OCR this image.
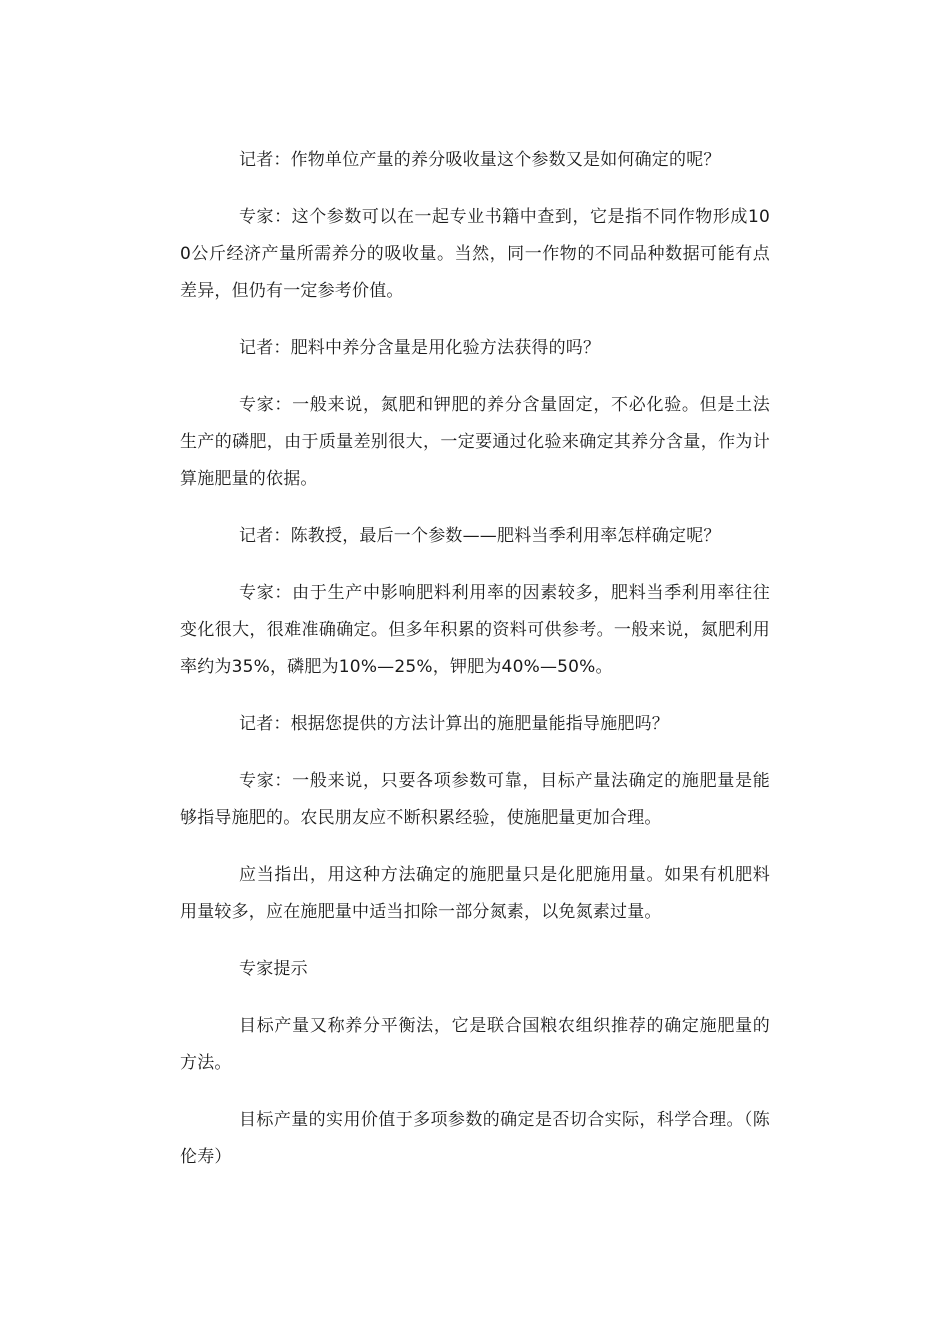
记者：作物单位产量的养分吸收量这个参数又是如何确定的呢？

专家：这个参数可以在一起专业书籍中查到，它是指不同作物形成100公斤经济产量所需养分的吸收量。当然，同一作物的不同品种数据可能有点差异，但仍有一定参考价值。

记者：肥料中养分含量是用化验方法获得的吗？

专家：一般来说，氮肥和钾肥的养分含量固定，不必化验。但是土法生产的磷肥，由于质量差别很大，一定要通过化验来确定其养分含量，作为计算施肥量的依据。

记者：陈教授，最后一个参数——肥料当季利用率怎样确定呢？

专家：由于生产中影响肥料利用率的因素较多，肥料当季利用率往往变化很大，很难准确确定。但多年积累的资料可供参考。一般来说，氮肥利用率约为35%，磷肥为10%—25%，钾肥为40%—50%。

记者：根据您提供的方法计算出的施肥量能指导施肥吗？

专家：一般来说，只要各项参数可靠，目标产量法确定的施肥量是能够指导施肥的。农民朋友应不断积累经验，使施肥量更加合理。

应当指出，用这种方法确定的施肥量只是化肥施用量。如果有机肥料用量较多，应在施肥量中适当扣除一部分氮素，以免氮素过量。

专家提示

目标产量又称养分平衡法，它是联合国粮农组织推荐的确定施肥量的方法。

目标产量的实用价值于多项参数的确定是否切合实际，科学合理。（陈伦寿）
